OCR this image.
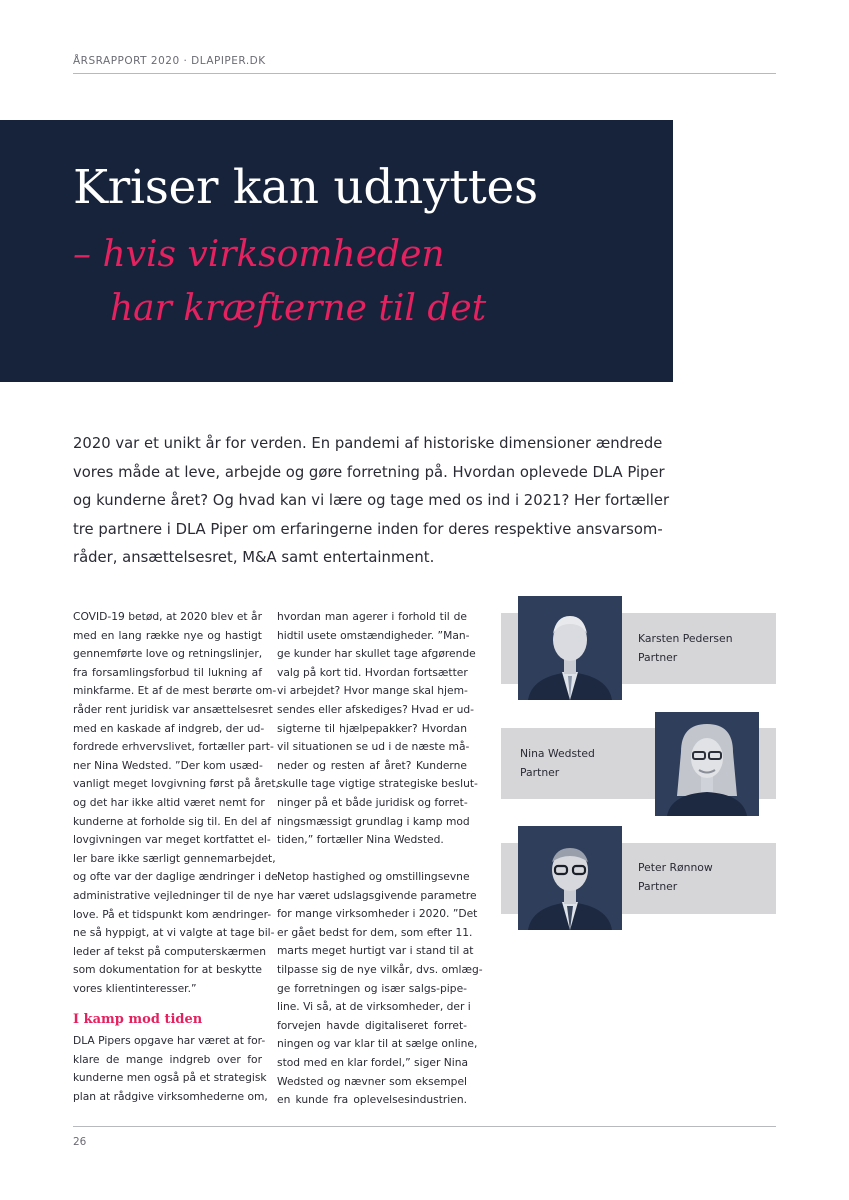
ÅRSRAPPORT 2020 · DLAPIPER.DK
Kriser kan udnyttes
– hvis virksomheden
har kræfterne til det
2020 var et unikt år for verden. En pandemi af historiske dimensioner ændrede
vores måde at leve, arbejde og gøre forretning på. Hvordan oplevede DLA Piper
og kunderne året? Og hvad kan vi lære og tage med os ind i 2021? Her fortæller
tre partnere i DLA Piper om erfaringerne inden for deres respektive ansvarsom-
råder, ansættelsesret, M&A samt entertainment.
COVID-19 betød, at 2020 blev et år
med en lang række nye og hastigt
gennemførte love og retningslinjer,
fra forsamlingsforbud til lukning af
minkfarme. Et af de mest berørte om-
råder rent juridisk var ansættelsesret
med en kaskade af indgreb, der ud-
fordrede erhvervslivet, fortæller part-
ner Nina Wedsted. ”Der kom usæd-
vanligt meget lovgivning først på året,
og det har ikke altid været nemt for
kunderne at forholde sig til. En del af
lovgivningen var meget kortfattet el-
ler bare ikke særligt gennemarbejdet,
og ofte var der daglige ændringer i de
administrative vejledninger til de nye
love. På et tidspunkt kom ændringer-
ne så hyppigt, at vi valgte at tage bil-
leder af tekst på computerskærmen
som dokumentation for at beskytte
vores klientinteresser.”
I kamp mod tiden
DLA Pipers opgave har været at for-
klare de mange indgreb over for
kunderne men også på et strategisk
plan at rådgive virksomhederne om,
hvordan man agerer i forhold til de
hidtil usete omstændigheder. ”Man-
ge kunder har skullet tage afgørende
valg på kort tid. Hvordan fortsætter
vi arbejdet? Hvor mange skal hjem-
sendes eller afskediges? Hvad er ud-
sigterne til hjælpepakker? Hvordan
vil situationen se ud i de næste må-
neder og resten af året? Kunderne
skulle tage vigtige strategiske beslut-
ninger på et både juridisk og forret-
ningsmæssigt grundlag i kamp mod
tiden,” fortæller Nina Wedsted.
Netop hastighed og omstillingsevne
har været udslagsgivende parametre
for mange virksomheder i 2020. ”Det
er gået bedst for dem, som efter 11.
marts meget hurtigt var i stand til at
tilpasse sig de nye vilkår, dvs. omlæg-
ge forretningen og især salgs-pipe-
line. Vi så, at de virksomheder, der i
forvejen havde digitaliseret forret-
ningen og var klar til at sælge online,
stod med en klar fordel,” siger Nina
Wedsted og nævner som eksempel
en kunde fra oplevelsesindustrien.
Karsten Pedersen
Partner
Nina Wedsted
Partner
Peter Rønnow
Partner
26
